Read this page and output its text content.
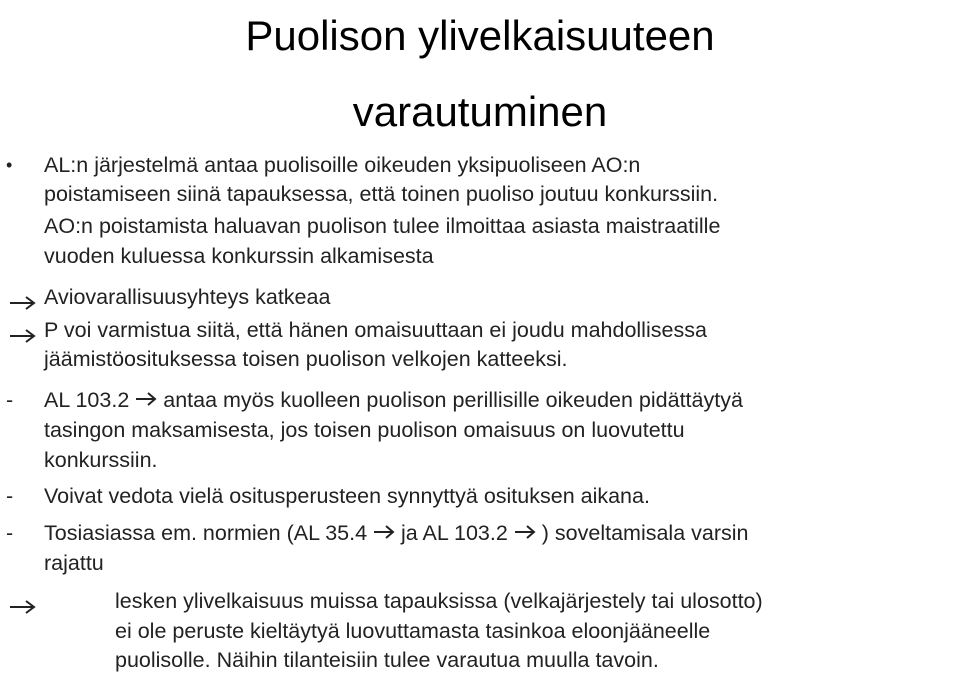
Puolison ylivelkaisuuteen
varautuminen
• AL:n järjestelmä antaa puolisoille oikeuden yksipuoliseen AO:n
poistamiseen siinä tapauksessa, että toinen puoliso joutuu konkurssiin.
AO:n poistamista haluavan puolison tulee ilmoittaa asiasta maistraatille
vuoden kuluessa konkurssin alkamisesta
Aviovarallisuusyhteys katkeaa
P voi varmistua siitä, että hänen omaisuuttaan ei joudu mahdollisessa
jäämistöosituksessa toisen puolison velkojen katteeksi.
- AL 103.2 antaa myös kuolleen puolison perillisille oikeuden pidättäytyä
tasingon maksamisesta, jos toisen puolison omaisuus on luovutettu
konkurssiin.
- Voivat vedota vielä ositusperusteen synnyttyä osituksen aikana.
- Tosiasiassa em. normien (AL 35.4 ja AL 103.2 ) soveltamisala varsin
rajattu
lesken ylivelkaisuus muissa tapauksissa (velkajärjestely tai ulosotto)
ei ole peruste kieltäytyä luovuttamasta tasinkoa eloonjääneelle
puolisolle. Näihin tilanteisiin tulee varautua muulla tavoin.
